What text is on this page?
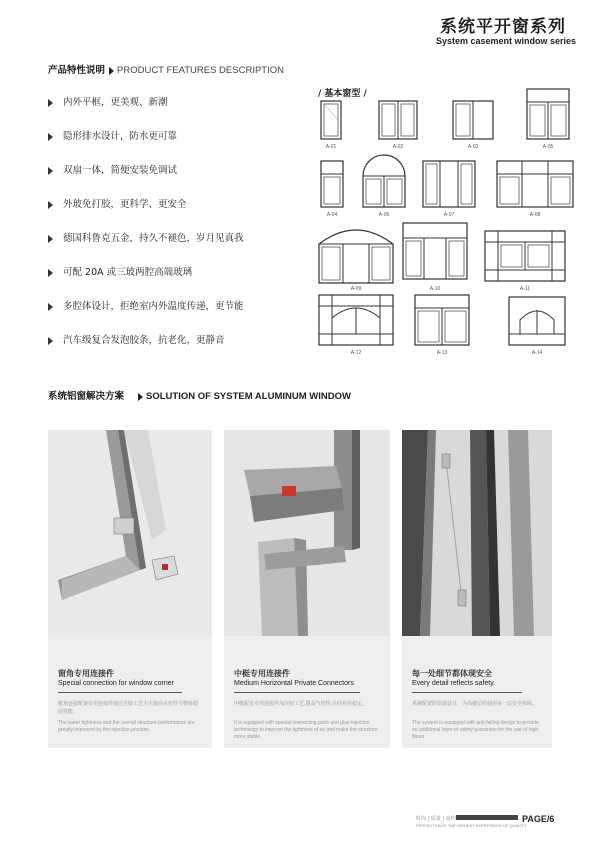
系统平开窗系列
System casement window series
产品特性说明 PRODUCT FEATURES DESCRIPTION
内外平框，更美观、新潮
隐形排水设计，防水更可靠
双扇一体，简便安装免调试
外玻免打胶，更科学、更安全
德国科鲁克五金，持久不褪色，岁月见真我
可配 20A 或三玻两腔高端玻璃
多腔体设计，拒绝室内外温度传递，更节能
汽车级复合发泡胶条，抗老化，更静音
/ 基本窗型 /
A-01	A-02	A-03	A-05
A-04	A-06	A-07	A-08
A-09	A-10	A-11
A-12	A-13	A-14
系统铝窗解决方案 SOLUTION OF SYSTEM ALUMINUM WINDOW
窗角专用连接件
Special connection for window corner
框角连接配备专用连接件通过注胶工艺大大提高水密性与整体稳固性能。
The water tightness and the overall structure performance are greatly improved by the injection process.
中梃专用连接件
Medium Horizontal Private Connectors
中梃配有专用连接件加注胶工艺,提高气密性,让结构更稳定。
It is equipped with special connecting parts and glue injection technology to improve the tightness of air and make the structure more stable.
每一处细节都体现安全
Every detail reflects safety.
系统配置防坠落设计，为高楼层的使用多一层安全保障。
The system is equipped with anti-falling design to provide an additional layer of safety guarantee for the use of high floors.
时尚 | 质量 | 简约
PERFECTION IS THE HIGHEST EXPRESSION OF QUALITY
PAGE/6
